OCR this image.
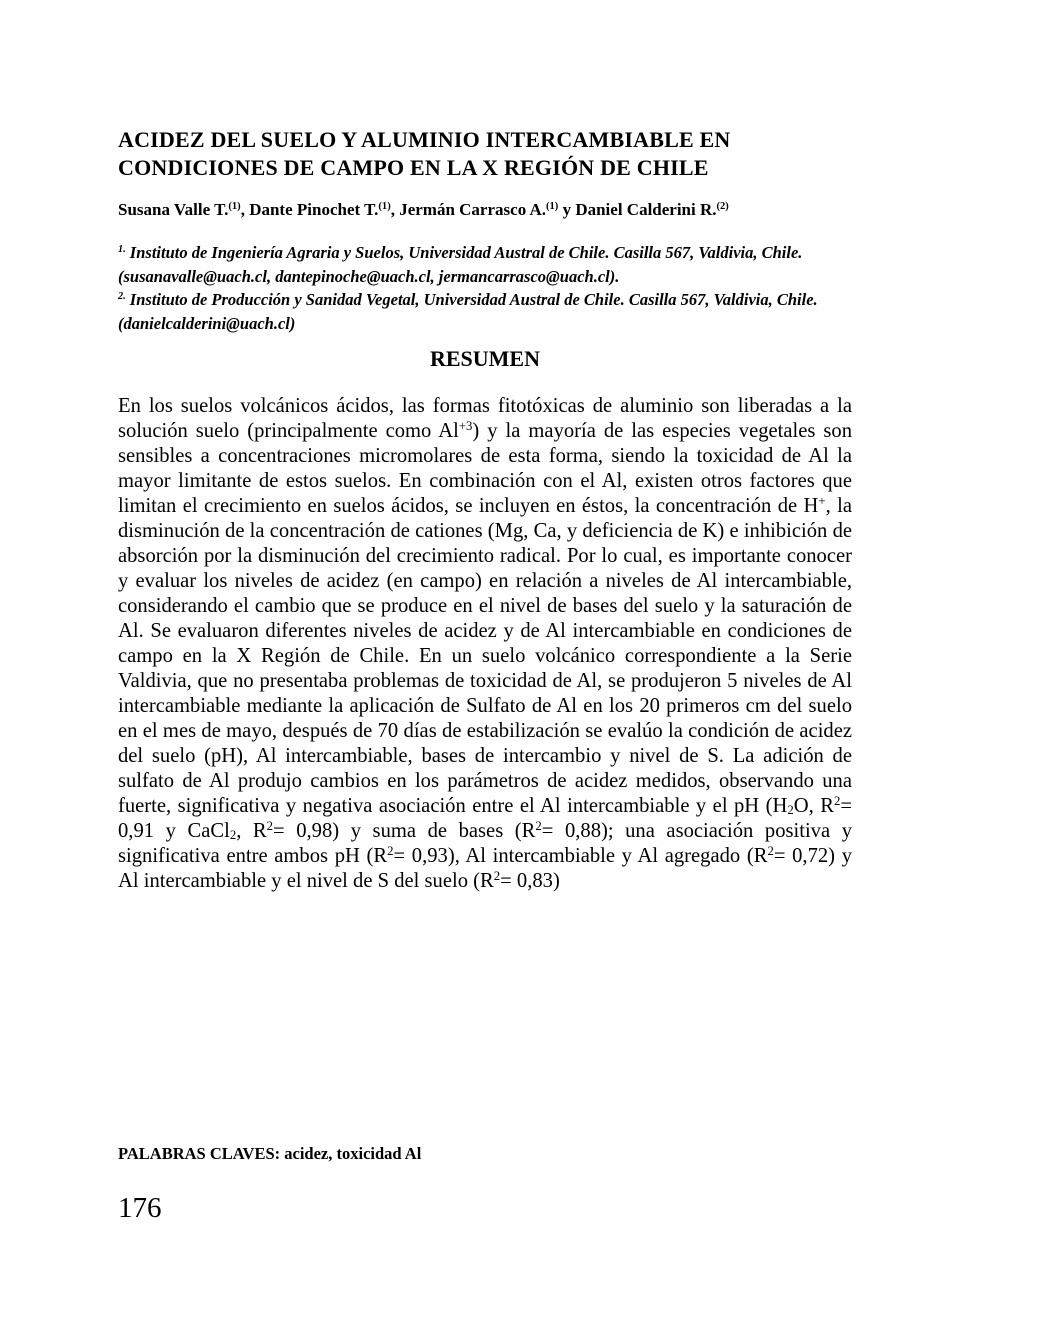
ACIDEZ DEL SUELO Y ALUMINIO INTERCAMBIABLE EN CONDICIONES DE CAMPO EN LA X REGIÓN DE CHILE

Susana Valle T.$^{(1)}$, Dante Pinochet T.$^{(1)}$, Jermán Carrasco A.$^{(1)}$ y Daniel Calderini R.$^{(2)}$

$^{1.}$ Instituto de Ingeniería Agraria y Suelos, Universidad Austral de Chile. Casilla 567, Valdivia, Chile. (susanavalle@uach.cl, dantepinoche@uach.cl, jermancarrasco@uach.cl).

$^{2.}$ Instituto de Producción y Sanidad Vegetal, Universidad Austral de Chile. Casilla 567, Valdivia, Chile. (danielcalderini@uach.cl)

RESUMEN

En los suelos volcánicos ácidos, las formas fitotóxicas de aluminio son liberadas a la solución suelo (principalmente como $Al^{+3}$) y la mayoría de las especies vegetales son sensibles a concentraciones micromolares de esta forma, siendo la toxicidad de Al la mayor limitante de estos suelos. En combinación con el Al, existen otros factores que limitan el crecimiento en suelos ácidos, se incluyen en éstos, la concentración de H+, la disminución de la concentración de cationes (Mg, Ca, y deficiencia de K) e inhibición de absorción por la disminución del crecimiento radical. Por lo cual, es importante conocer y evaluar los niveles de acidez (en campo) en relación a niveles de Al intercambiable, considerando el cambio que se produce en el nivel de bases del suelo y la saturación de Al. Se evaluaron diferentes niveles de acidez y de Al intercambiable en condiciones de campo en la X Región de Chile. En un suelo volcánico correspondiente a la Serie Valdivia, que no presentaba problemas de toxicidad de Al, se produjeron 5 niveles de Al intercambiable mediante la aplicación de Sulfato de Al en los 20 primeros cm del suelo en el mes de mayo, después de 70 días de estabilización se evalúo la condición de acidez del suelo (pH), Al intercambiable, bases de intercambio y nivel de S. La adición de sulfato de Al produjo cambios en los parámetros de acidez medidos, observando una fuerte, significativa y negativa asociación entre el Al intercambiable y el pH ($H_2O$, $R^2= 0,91$ y CaCl$_2$, $R^2= 0,98$) y suma de bases $(R^2= 0,88)$; una asociación positiva y significativa entre ambos pH $(R^2= 0,93)$, Al intercambiable y Al agregado $(R^2= 0,72)$ y Al intercambiable y el nivel de S del suelo $(R^2= 0,83)$

PALABRAS CLAVES: acidez, toxicidad Al

176
